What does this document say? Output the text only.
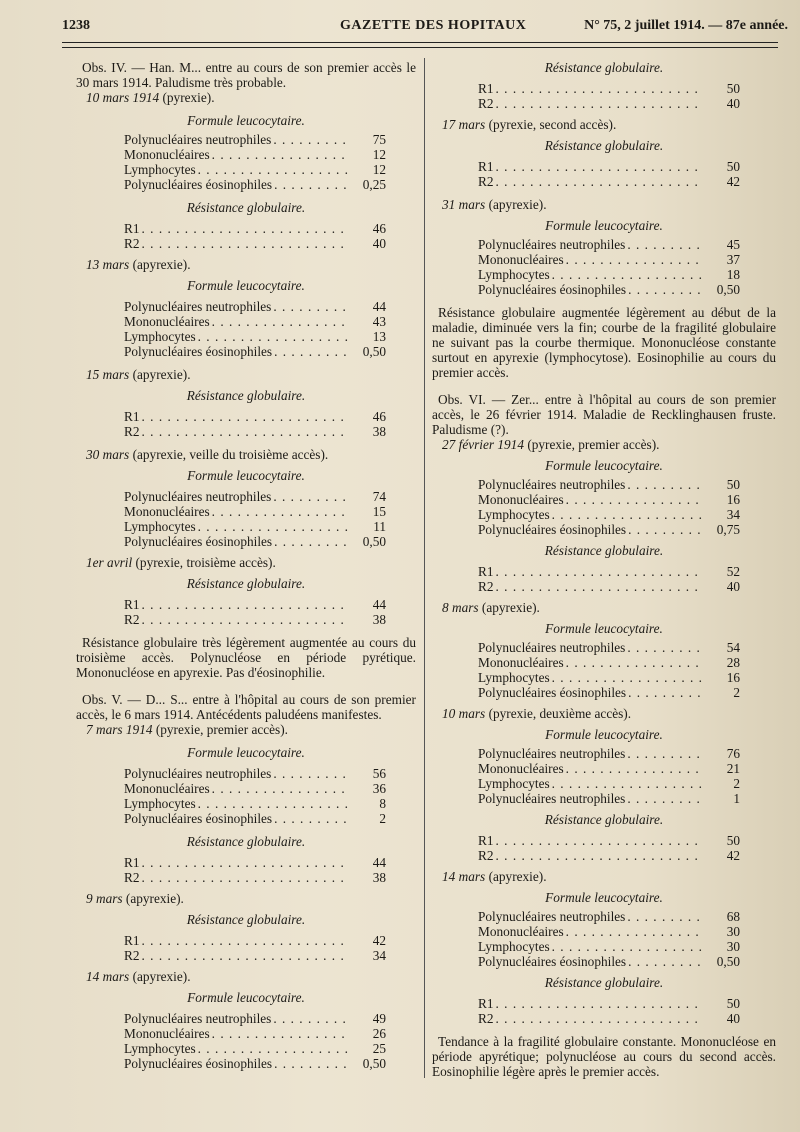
1238	GAZETTE DES HOPITAUX	N° 75, 2 juillet 1914. — 87e année.

Obs. IV. — Han. M... entre au cours de son premier accès le 30 mars 1914. Paludisme très probable.

10 mars 1914 (pyrexie).

Formule leucocytaire.

Polynucléaires neutrophiles . . .	75
Mononucléaires . . .	12
Lymphocytes . . .	12
Polynucléaires éosinophiles . . .	0,25

Résistance globulaire.

R1 . . .	46
R2 . . .	40

13 mars (apyrexie).

Formule leucocytaire.

Polynucléaires neutrophiles . . .	44
Mononucléaires . . .	43
Lymphocytes . . .	13
Polynucléaires éosinophiles . . .	0,50

15 mars (apyrexie).

Résistance globulaire.

R1 . . .	46
R2 . . .	38

30 mars (apyrexie, veille du troisième accès).

Formule leucocytaire.

Polynucléaires neutrophiles . . .	74
Mononucléaires . . .	15
Lymphocytes . . .	11
Polynucléaires éosinophiles . . .	0,50

1er avril (pyrexie, troisième accès).

Résistance globulaire.

R1 . . .	44
R2 . . .	38

Résistance globulaire très légèrement augmentée au cours du troisième accès. Polynucléose en période pyrétique. Mononucléose en apyrexie. Pas d'éosinophilie.

Obs. V. — D... S... entre à l'hôpital au cours de son premier accès, le 6 mars 1914. Antécédents paludéens manifestes.

7 mars 1914 (pyrexie, premier accès).

Formule leucocytaire.

Polynucléaires neutrophiles . . .	56
Mononucléaires . . .	36
Lymphocytes . . .	8
Polynucléaires éosinophiles . . .	2

Résistance globulaire.

R1 . . .	44
R2 . . .	38

9 mars (apyrexie).

Résistance globulaire.

R1 . . .	42
R2 . . .	34

14 mars (apyrexie).

Formule leucocytaire.

Polynucléaires neutrophiles . . .	49
Mononucléaires . . .	26
Lymphocytes . . .	25
Polynucléaires éosinophiles . . .	0,50

Résistance globulaire.

R1 . . .	50
R2 . . .	40

17 mars (pyrexie, second accès).

Résistance globulaire.

R1 . . .	50
R2 . . .	42

31 mars (apyrexie).

Formule leucocytaire.

Polynucléaires neutrophiles . . .	45
Mononucléaires . . .	37
Lymphocytes . . .	18
Polynucléaires éosinophiles . . .	0,50

Résistance globulaire augmentée légèrement au début de la maladie, diminuée vers la fin; courbe de la fragilité globulaire ne suivant pas la courbe thermique. Mononucléose constante surtout en apyrexie (lymphocytose). Eosinophilie au cours du premier accès.

Obs. VI. — Zer... entre à l'hôpital au cours de son premier accès, le 26 février 1914. Maladie de Recklinghausen fruste. Paludisme (?).

27 février 1914 (pyrexie, premier accès).

Formule leucocytaire.

Polynucléaires neutrophiles . . .	50
Mononucléaires . . .	16
Lymphocytes . . .	34
Polynucléaires éosinophiles . . .	0,75

Résistance globulaire.

R1 . . .	52
R2 . . .	40

8 mars (apyrexie).

Formule leucocytaire.

Polynucléaires neutrophiles . . .	54
Mononucléaires . . .	28
Lymphocytes . . .	16
Polynucléaires éosinophiles . . .	2

10 mars (pyrexie, deuxième accès).

Formule leucocytaire.

Polynucléaires neutrophiles . . .	76
Mononucléaires . . .	21
Lymphocytes . . .	2
Polynucléaires neutrophiles . . .	1

Résistance globulaire.

R1 . . .	50
R2 . . .	42

14 mars (apyrexie).

Formule leucocytaire.

Polynucléaires neutrophiles . . .	68
Mononucléaires . . .	30
Lymphocytes . . .	30
Polynucléaires éosinophiles . . .	0,50

Résistance globulaire.

R1 . . .	50
R2 . . .	40

Tendance à la fragilité globulaire constante. Mononucléose en période apyrétique; polynucléose au cours du second accès. Eosinophilie légère après le premier accès.
